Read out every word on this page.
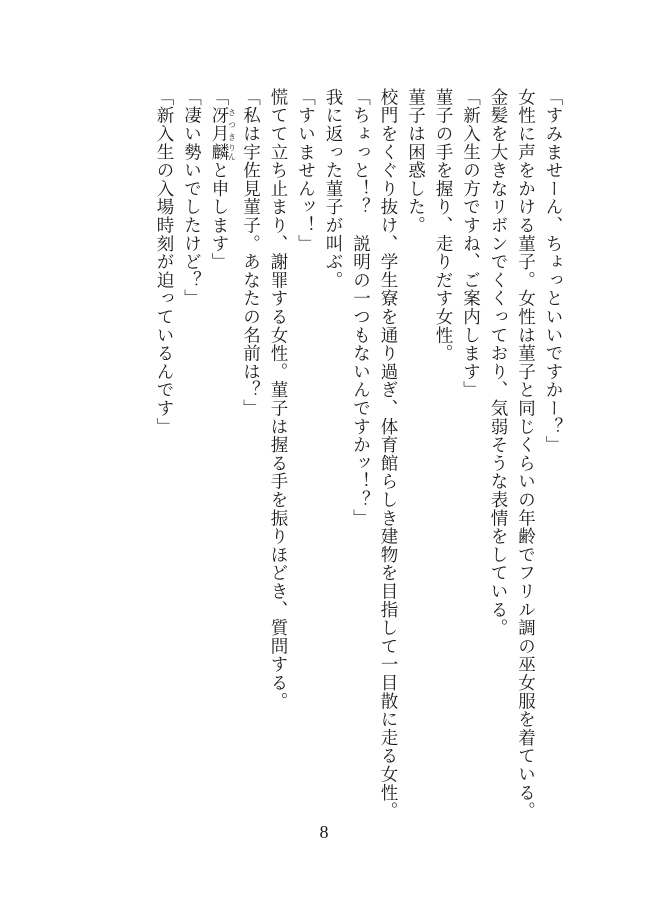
「すみませーん、ちょっといいですかー？」
女性に声をかける菫子。女性は菫子と同じくらいの年齢でフリル調の巫女服を着ている。
金髪を大きなリボンでくくっており、気弱そうな表情をしている。
「新入生の方ですね、ご案内します」
菫子の手を握り、走りだす女性。
菫子は困惑した。
校門をくぐり抜け、学生寮を通り過ぎ、体育館らしき建物を目指して一目散に走る女性。
「ちょっと！？　説明の一つもないんですかッ！？」
我に返った菫子が叫ぶ。
「すいませんッ！」
慌てて立ち止まり、謝罪する女性。菫子は握る手を振りほどき、質問する。
「私は宇佐見菫子。あなたの名前は？」
「冴月さつき麟りんと申します」
「凄い勢いでしたけど？」
「新入生の入場時刻が迫っているんです」
8
